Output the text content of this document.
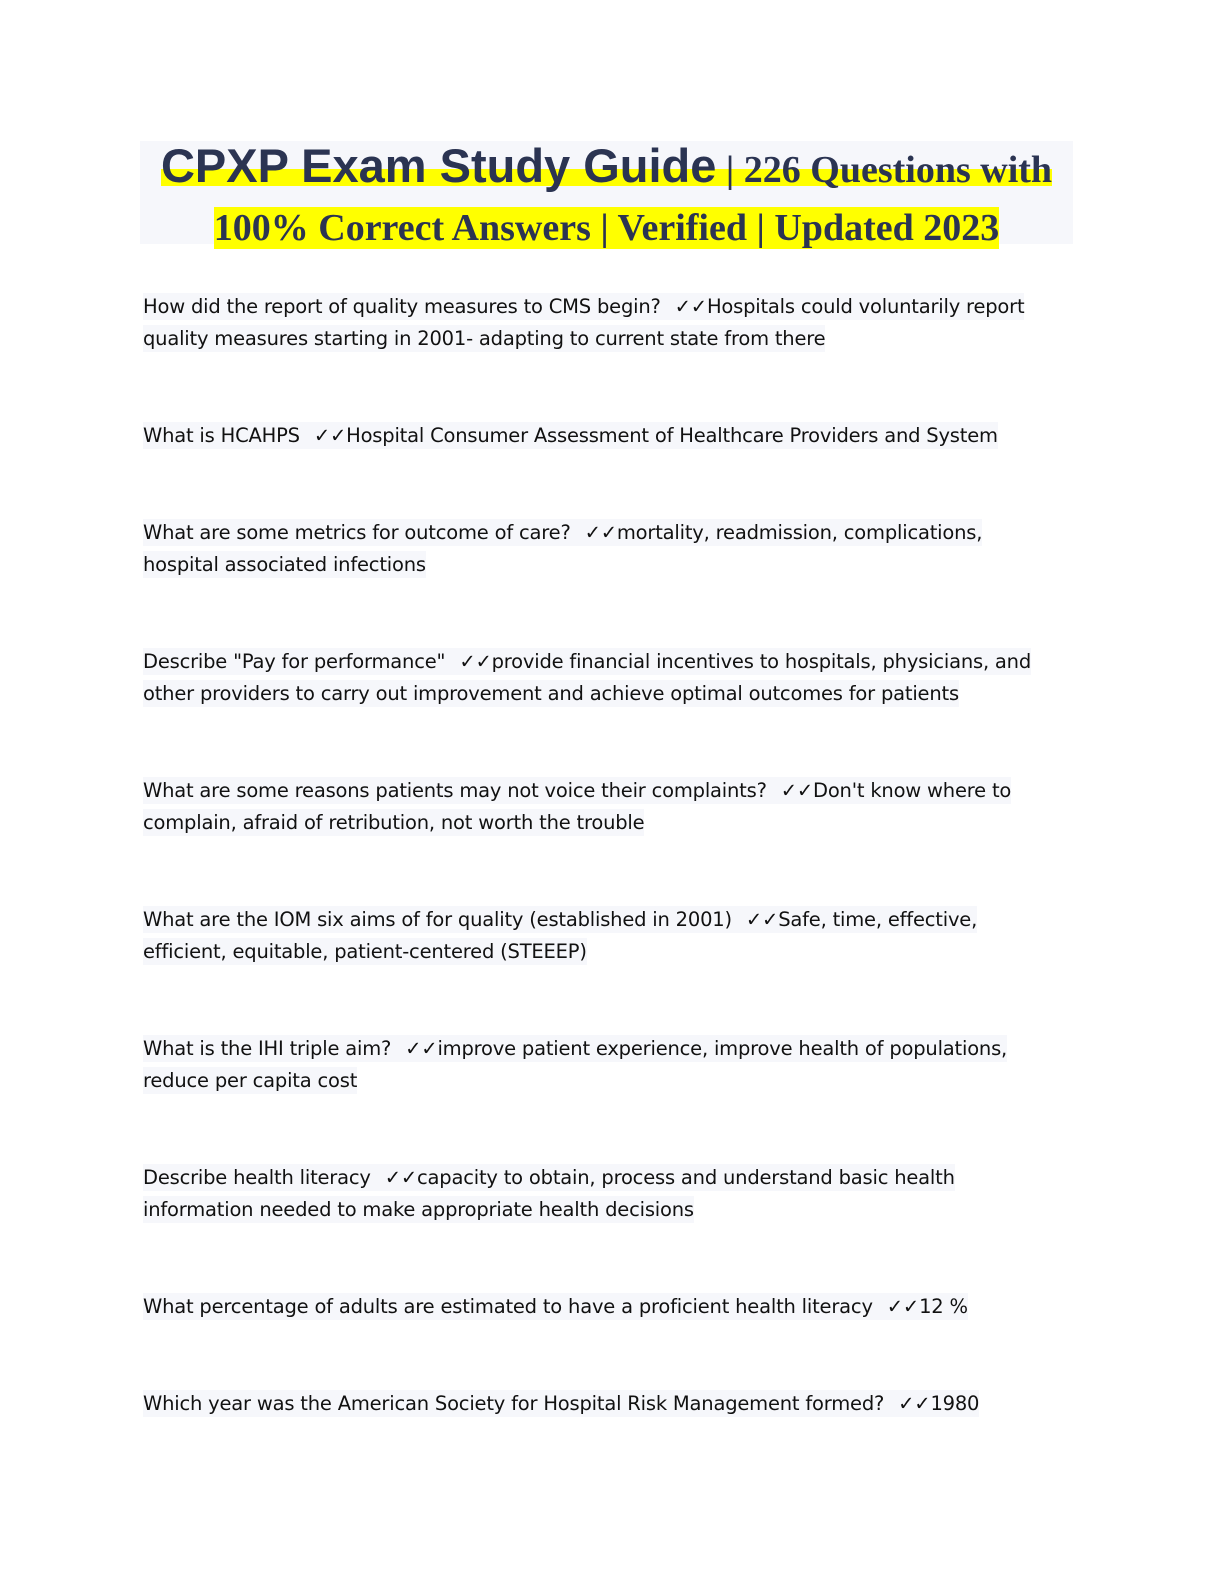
CPXP Exam Study Guide | 226 Questions with
100% Correct Answers | Verified | Updated 2023
How did the report of quality measures to CMS begin? ✓✓Hospitals could voluntarily report quality measures starting in 2001- adapting to current state from there
What is HCAHPS ✓✓Hospital Consumer Assessment of Healthcare Providers and System
What are some metrics for outcome of care? ✓✓mortality, readmission, complications, hospital associated infections
Describe "Pay for performance" ✓✓provide financial incentives to hospitals, physicians, and other providers to carry out improvement and achieve optimal outcomes for patients
What are some reasons patients may not voice their complaints? ✓✓Don't know where to complain, afraid of retribution, not worth the trouble
What are the IOM six aims of for quality (established in 2001) ✓✓Safe, time, effective, efficient, equitable, patient-centered (STEEEP)
What is the IHI triple aim? ✓✓improve patient experience, improve health of populations, reduce per capita cost
Describe health literacy ✓✓capacity to obtain, process and understand basic health information needed to make appropriate health decisions
What percentage of adults are estimated to have a proficient health literacy ✓✓12 %
Which year was the American Society for Hospital Risk Management formed? ✓✓1980
